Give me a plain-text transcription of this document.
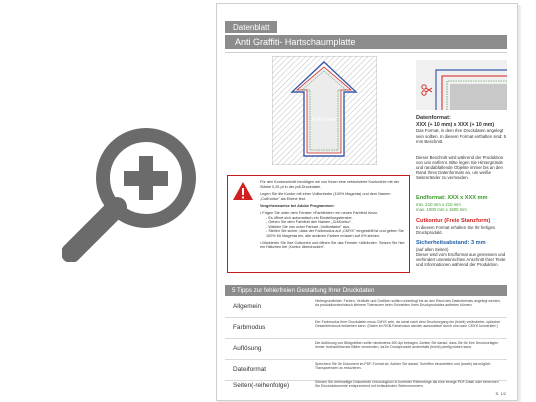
Datenblatt
Anti Graffiti- Hartschaumplatte
Pink Farbe	Datenformat:
XXX (+ 10 mm) x XXX (+ 10 mm)
Das Format, in dem Ihre Druckdaten angelegt sein sollten. In diesem Format enthalten sind: 5 mm Beschnitt.
Dieser Beschnitt wird während der Produktion von uns entfernt. Bitte legen Sie Hintergründe und randabfallende Objekte immer bis an den Rand Ihres Datenformats an, um weiße Seitenränder zu vermeiden.
Endformat: XXX x XXX mm
min. 210 mm x 210 mm
max. 1000 mm x 1500 mm
Cutkontur (Freie Stanzform)
In diesem Format erhalten Sie Ihr fertiges Druckprodukt.
Sicherheitsabstand: 3 mm
(auf allen Seiten)
Dieser wird vom Endformat aus gemessen und verhindert unerwünschten Anschnitt Ihrer Texte und Informationen während der Produktion.
Für den Konturschnitt benötigen wir von Ihnen eine vektorisierte Konturlinie mit der Stärke 0,25 pt in der pdf-Druckdatei.
Legen Sie die Kontur mit einer Volltonfarbe (100% Magenta) und dem Namen „CutKontur" als Ebene fest.
Vorgehensweise bei Adobe Programmen:
• Fügen Sie unter dem Fenster »Farbfelder« ein neues Farbfeld hinzu.
- Es öffnet sich automatisch ein Einstellungsfenster.
- Geben Sie dem Farbfeld den Namen „CutKontur".
- Wählen Sie nun unter Farbart „Volltonfarbe" aus.
- Stellen Sie sicher, dass der Farbmodus auf „CMYK" eingestellt ist und geben Sie 100% für Magenta ein, alle anderen Farben müssen auf 0% stehen.
• Markieren Sie Ihre Cutkontur und öffnen Sie das Fenster »Attribute«. Setzen Sie hier ein Häkchen bei „Kontur überdrucken".
5 Tipps zur fehlerfreien Gestaltung Ihrer Druckdaten
Allgemein
Hintergrundbilder, Farben, Verläufe und Grafiken sollten unbedingt bis an den Rand des Datenformats angelegt werden, da produktionstechnisch kleinere Toleranzen beim Schneiden Ihres Druckproduktes auftreten können.
Farbmodus
Der Farbmodus Ihrer Druckdaten muss CMYK sein, da sonst nach dem Druckvorgang ein (leicht) veränderter, optischer Gesamteindruck entstehen kann. (Daten im RGB-Farbmodus werden automatisch durch uns nach CMYK konvertiert.)
Auflösung
Die Auflösung von Bildgrafiken sollte mindestens 300 dpi betragen. Achten Sie darauf, dass Sie für Ihre Druckvorlagen immer hochauflösende Bilder verwenden, da Ihr Druckprodukt andernfalls (leicht) pixelig wirken kann.
Dateiformat
Speichern Sie Ihr Dokument im PDF-Format ab. Achten Sie darauf, Schriften einzubetten und (sowie) als möglich Transparenzen zu reduzieren.
Seiten(-reihenfolge)	Senden Sie mehrseitige Dokumente chronologisch in korrekter Reihenfolge als eine einzige PDF-Datei oder benennen Sie Einzeldokumente entsprechend mit fortlaufenden Seitennummern.
S. 1/2
